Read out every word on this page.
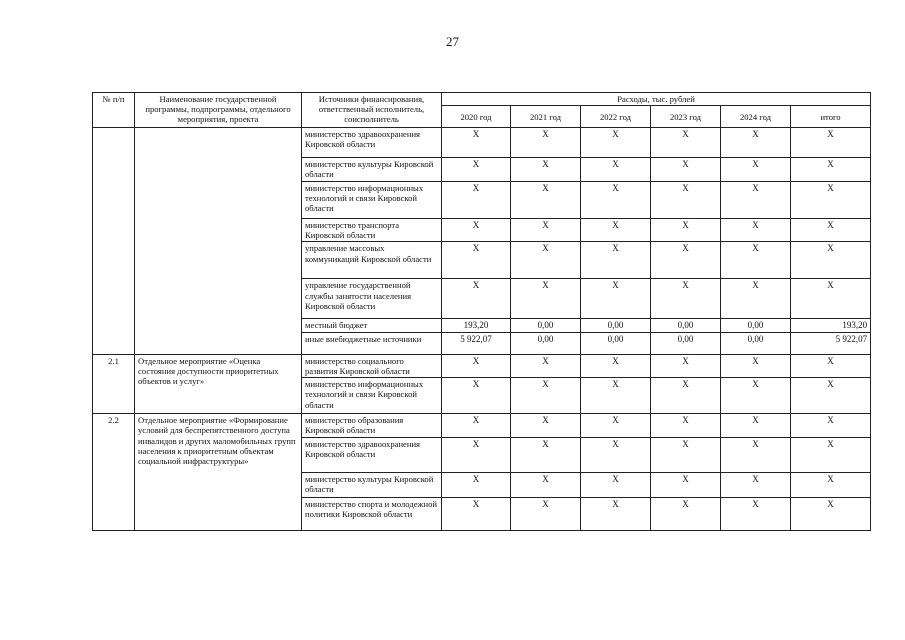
27
№ п/п	Наименование государственной программы, подпрограммы, отдельного мероприятия, проекта	Источники финансирования, ответственный исполнитель, соисполнитель	Расходы, тыс. рублей					
			2020 год	2021 год	2022 год	2023 год	2024 год	итого
		министерство здравоохранения Кировской области	Х	Х	Х	Х	Х	Х
		министерство культуры Кировской области	Х	Х	Х	Х	Х	Х
		министерство информационных технологий и связи Кировской области	Х	Х	Х	Х	Х	Х
		министерство транспорта Кировской области	Х	Х	Х	Х	Х	Х
		управление массовых коммуникаций Кировской области	Х	Х	Х	Х	Х	Х
		управление государственной службы занятости населения Кировской области	Х	Х	Х	Х	Х	Х
		местный бюджет	193,20	0,00	0,00	0,00	0,00	193,20
		иные внебюджетные источники	5 922,07	0,00	0,00	0,00	0,00	5 922,07
2.1	Отдельное мероприятие «Оценка состояния доступности приоритетных объектов и услуг»	министерство социального развития Кировской области	Х	Х	Х	Х	Х	Х
		министерство информационных технологий и связи Кировской области	Х	Х	Х	Х	Х	Х
2.2	Отдельное мероприятие «Формирование условий для беспрепятственного доступа инвалидов и других маломобильных групп населения к приоритетным объектам социальной инфраструктуры»	министерство образования Кировской области	Х	Х	Х	Х	Х	Х
		министерство здравоохранения Кировской области	Х	Х	Х	Х	Х	Х
		министерство культуры Кировской области	Х	Х	Х	Х	Х	Х
		министерство спорта и молодежной политики Кировской области	Х	Х	Х	Х	Х	Х
